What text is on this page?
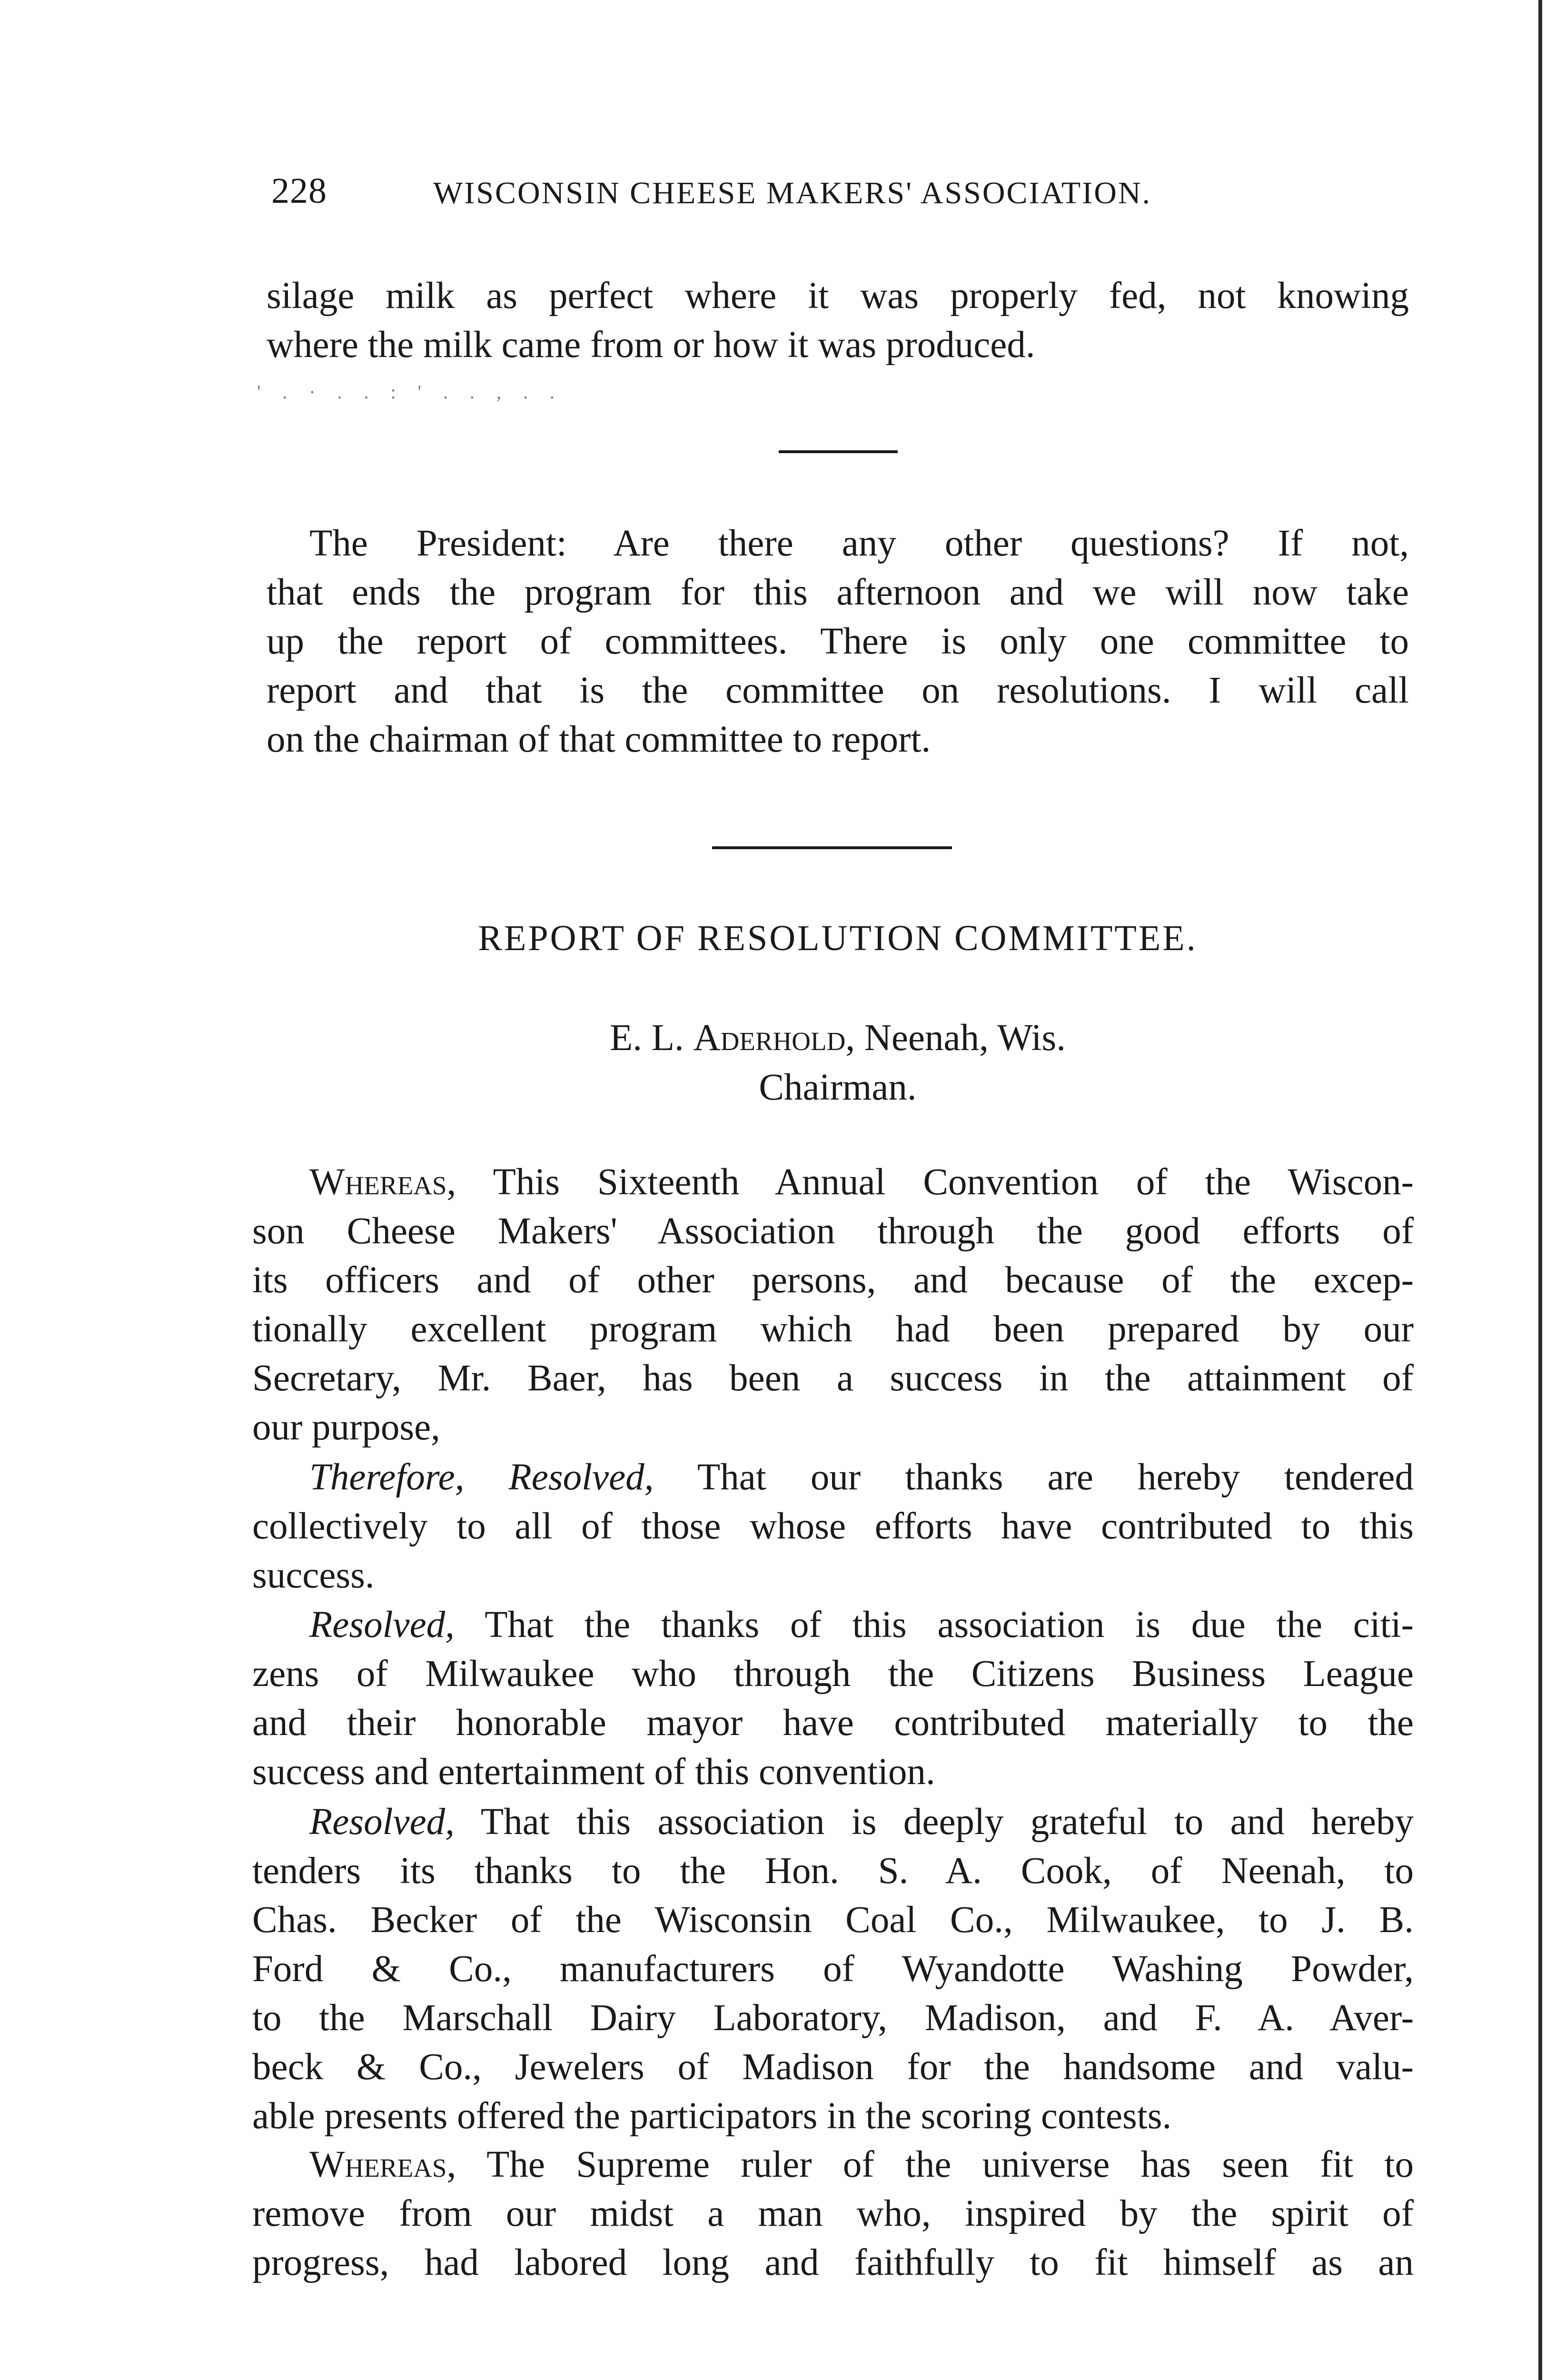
228	WISCONSIN CHEESE MAKERS' ASSOCIATION.
silage milk as perfect where it was properly fed, not knowing
where the milk came from or how it was produced.
' . · . . : ' . . , . .
The President: Are there any other questions? If not,
that ends the program for this afternoon and we will now take
up the report of committees. There is only one committee to
report and that is the committee on resolutions. I will call
on the chairman of that committee to report.
REPORT OF RESOLUTION COMMITTEE.
E. L. Aderhold, Neenah, Wis.
Chairman.
Whereas, This Sixteenth Annual Convention of the Wiscon-
son Cheese Makers' Association through the good efforts of
its officers and of other persons, and because of the excep-
tionally excellent program which had been prepared by our
Secretary, Mr. Baer, has been a success in the attainment of
our purpose,
Therefore, Resolved, That our thanks are hereby tendered
collectively to all of those whose efforts have contributed to this
success.
Resolved, That the thanks of this association is due the citi-
zens of Milwaukee who through the Citizens Business League
and their honorable mayor have contributed materially to the
success and entertainment of this convention.
Resolved, That this association is deeply grateful to and hereby
tenders its thanks to the Hon. S. A. Cook, of Neenah, to
Chas. Becker of the Wisconsin Coal Co., Milwaukee, to J. B.
Ford & Co., manufacturers of Wyandotte Washing Powder,
to the Marschall Dairy Laboratory, Madison, and F. A. Aver-
beck & Co., Jewelers of Madison for the handsome and valu-
able presents offered the participators in the scoring contests.
Whereas, The Supreme ruler of the universe has seen fit to
remove from our midst a man who, inspired by the spirit of
progress, had labored long and faithfully to fit himself as an
